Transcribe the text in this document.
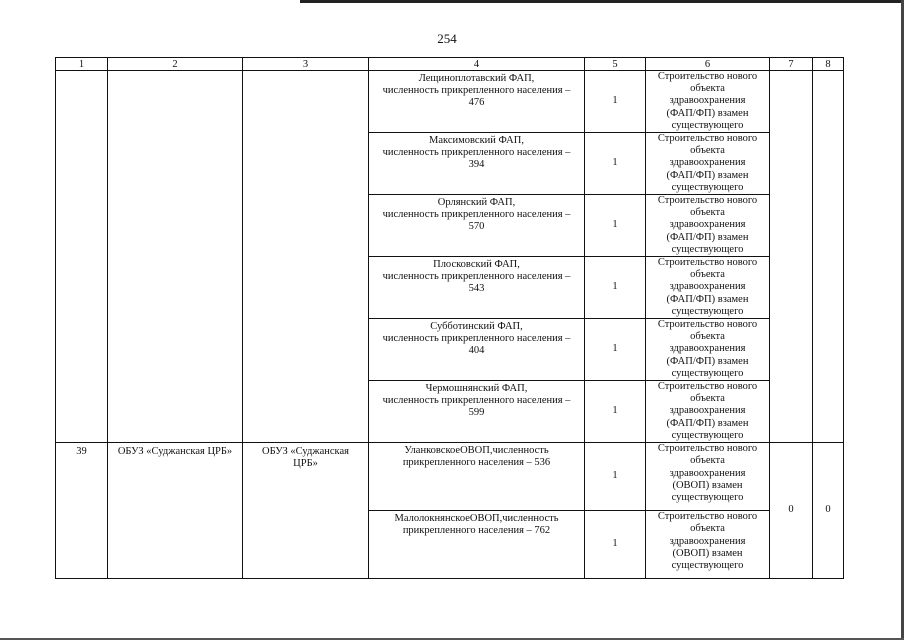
254
1	2	3	4	5	6	7	8

			Лещиноплотавский ФАП,
численность прикрепленного населения –
476	1	Строительство нового
объекта
здравоохранения
(ФАП/ФП) взамен
существующего		

			Максимовский ФАП,
численность прикрепленного населения –
394	1	Строительство нового
объекта
здравоохранения
(ФАП/ФП) взамен
существующего		

			Орлянский ФАП,
численность прикрепленного населения –
570	1	Строительство нового
объекта
здравоохранения
(ФАП/ФП) взамен
существующего		

			Плосковский ФАП,
численность прикрепленного населения –
543	1	Строительство нового
объекта
здравоохранения
(ФАП/ФП) взамен
существующего		

			Субботинский ФАП,
численность прикрепленного населения –
404	1	Строительство нового
объекта
здравоохранения
(ФАП/ФП) взамен
существующего		

			Чермошнянский ФАП,
численность прикрепленного населения –
599	1	Строительство нового
объекта
здравоохранения
(ФАП/ФП) взамен
существующего		

39	ОБУЗ «Суджанская ЦРБ»	ОБУЗ «Суджанская
ЦРБ»	УланковскоеОВОП,численность
прикрепленного населения – 536	1	Строительство нового
объекта
здравоохранения
(ОВОП) взамен
существующего	0	0

			МалолокнянскоеОВОП,численность
прикрепленного населения – 762	1	Строительство нового
объекта
здравоохранения
(ОВОП) взамен
существующего		
